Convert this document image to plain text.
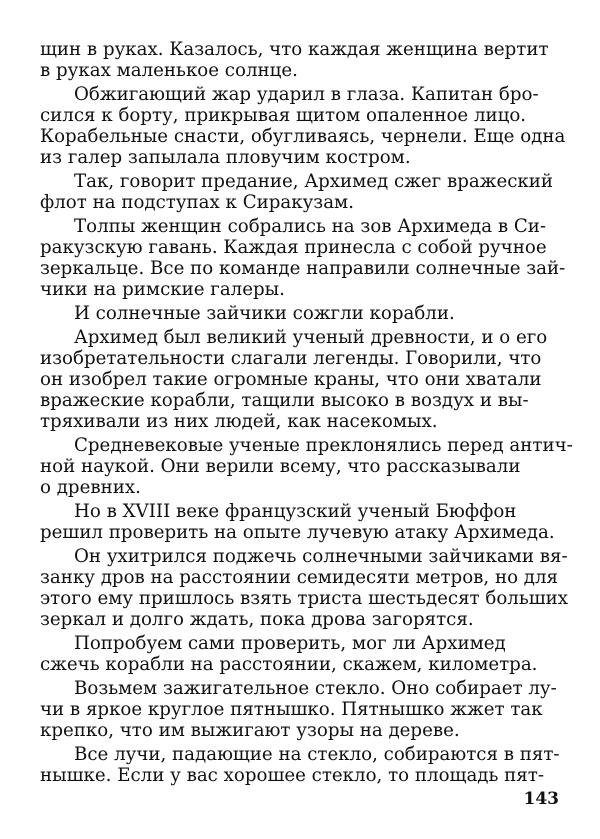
щин в руках. Казалось, что каждая женщина вертит
в руках маленькое солнце.
Обжигающий жар ударил в глаза. Капитан бро-
сился к борту, прикрывая щитом опаленное лицо.
Корабельные снасти, обугливаясь, чернели. Еще одна
из галер запылала пловучим костром.
Так, говорит предание, Архимед сжег вражеский
флот на подступах к Сиракузам.
Толпы женщин собрались на зов Архимеда в Си-
ракузскую гавань. Каждая принесла с собой ручное
зеркальце. Все по команде направили солнечные зай-
чики на римские галеры.
И солнечные зайчики сожгли корабли.
Архимед был великий ученый древности, и о его
изобретательности слагали легенды. Говорили, что
он изобрел такие огромные краны, что они хватали
вражеские корабли, тащили высоко в воздух и вы-
тряхивали из них людей, как насекомых.
Средневековые ученые преклонялись перед антич-
ной наукой. Они верили всему, что рассказывали
о древних.
Но в XVIII веке французский ученый Бюффон
решил проверить на опыте лучевую атаку Архимеда.
Он ухитрился поджечь солнечными зайчиками вя-
занку дров на расстоянии семидесяти метров, но для
этого ему пришлось взять триста шестьдесят больших
зеркал и долго ждать, пока дрова загорятся.
Попробуем сами проверить, мог ли Архимед
сжечь корабли на расстоянии, скажем, километра.
Возьмем зажигательное стекло. Оно собирает лу-
чи в яркое круглое пятнышко. Пятнышко жжет так
крепко, что им выжигают узоры на дереве.
Все лучи, падающие на стекло, собираются в пят-
нышке. Если у вас хорошее стекло, то площадь пят-
143
